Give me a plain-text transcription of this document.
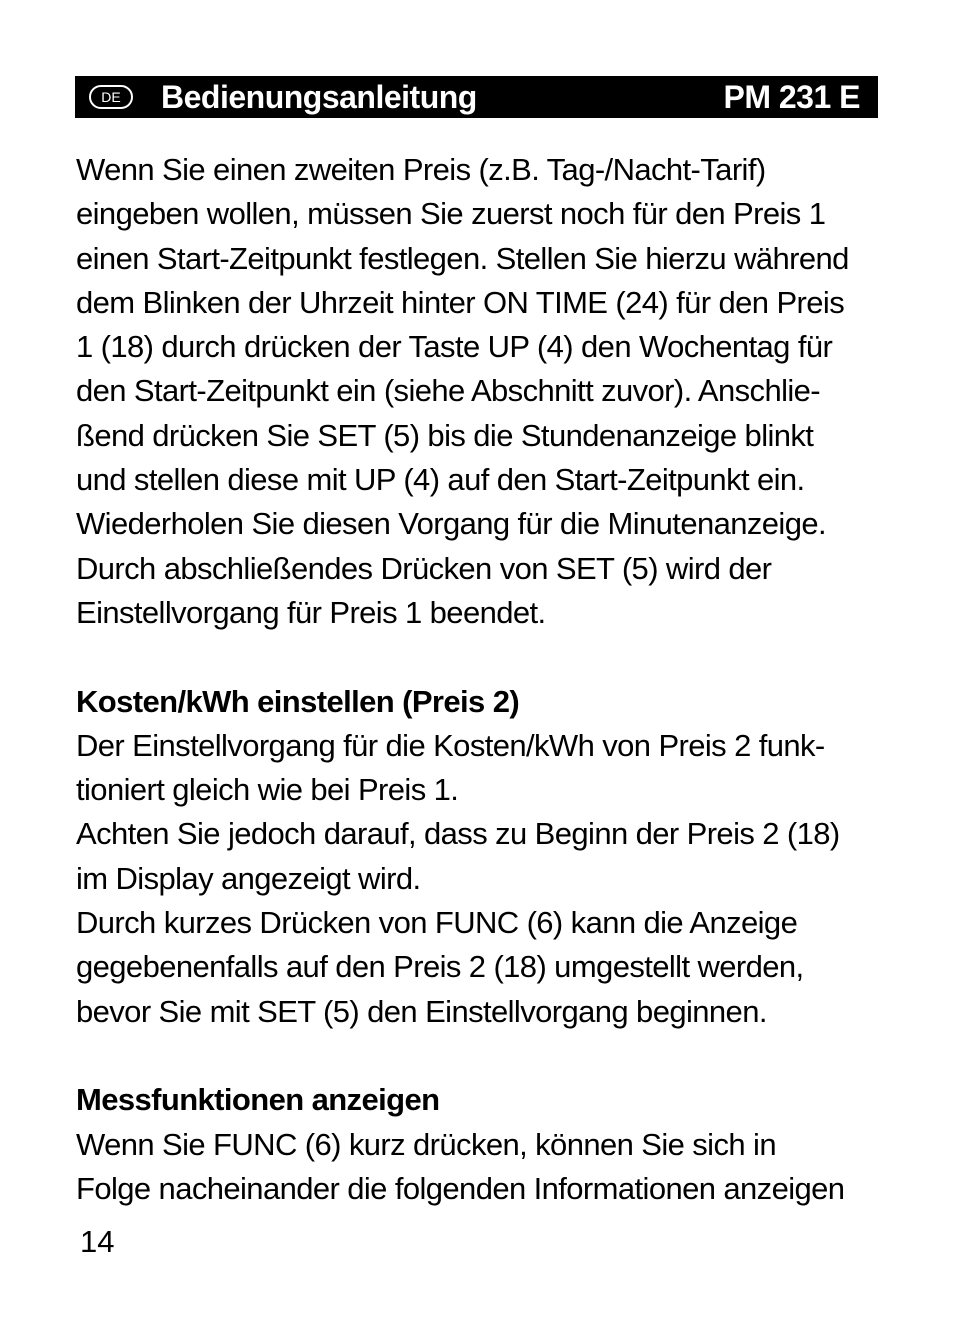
DE	Bedienungsanleitung	PM 231 E

Wenn Sie einen zweiten Preis (z.B. Tag-/Nacht-Tarif)

eingeben wollen, müssen Sie zuerst noch für den Preis 1

einen Start-Zeitpunkt festlegen. Stellen Sie hierzu während

dem Blinken der Uhrzeit hinter ON TIME (24) für den Preis

1 (18) durch drücken der Taste UP (4) den Wochentag für

den Start-Zeitpunkt ein (siehe Abschnitt zuvor). Anschlie-

ßend drücken Sie SET (5) bis die Stundenanzeige blinkt

und stellen diese mit UP (4) auf den Start-Zeitpunkt ein.

Wiederholen Sie diesen Vorgang für die Minutenanzeige.

Durch abschließendes Drücken von SET (5) wird der

Einstellvorgang für Preis 1 beendet.

Kosten/kWh einstellen (Preis 2)

Der Einstellvorgang für die Kosten/kWh von Preis 2 funk-

tioniert gleich wie bei Preis 1.

Achten Sie jedoch darauf, dass zu Beginn der Preis 2 (18)

im Display angezeigt wird.

Durch kurzes Drücken von FUNC (6) kann die Anzeige

gegebenenfalls auf den Preis 2 (18) umgestellt werden,

bevor Sie mit SET (5) den Einstellvorgang beginnen.

Messfunktionen anzeigen

Wenn Sie FUNC (6) kurz drücken, können Sie sich in

Folge nacheinander die folgenden Informationen anzeigen

14
